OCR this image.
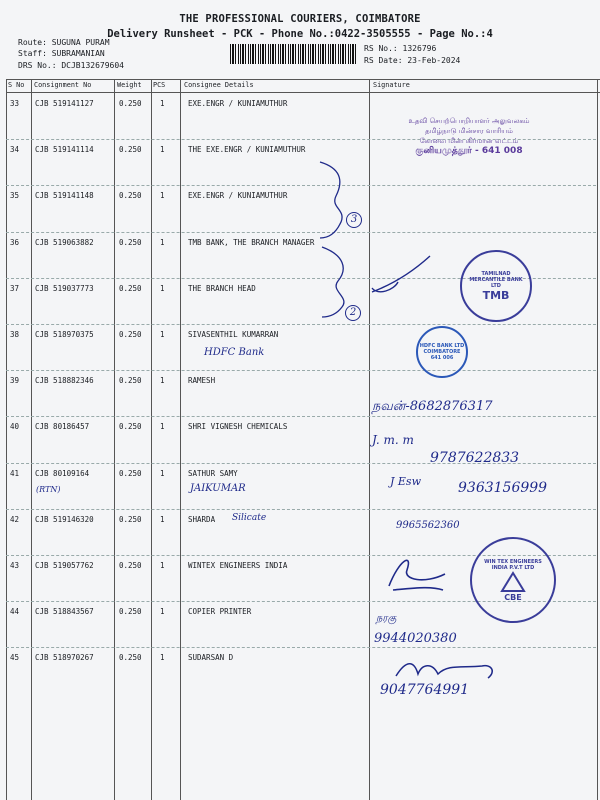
THE PROFESSIONAL COURIERS, COIMBATORE
Delivery Runsheet - PCK - Phone No.:0422-3505555 - Page No.:4
Route: SUGUNA PURAM
Staff: SUBRAMANIAN
DRS No.: DCJB132679604
RS No.: 1326796
RS Date: 23-Feb-2024
S No Consignment No	Weight PCS	Consignee Details	Signature
33 CJB 519141127	0.250 1	EXE.ENGR / KUNIAMUTHUR
34 CJB 519141114	0.250 1	THE EXE.ENGR / KUNIAMUTHUR
35 CJB 519141148	0.250 1	EXE.ENGR / KUNIAMUTHUR
36 CJB 519063882	0.250 1	TMB BANK, THE BRANCH MANAGER
37 CJB 519037773	0.250 1	THE BRANCH HEAD
38 CJB 518970375	0.250 1	SIVASENTHIL KUMARRAN
39 CJB 518882346	0.250 1	RAMESH
40 CJB 80186457	0.250 1	SHRI VIGNESH CHEMICALS
41 CJB 80109164	0.250 1	SATHUR SAMY
42 CJB 519146320	0.250 1	SHARDA
43 CJB 519057762	0.250 1	WINTEX ENGINEERS INDIA
44 CJB 518843567	0.250 1	COPIER PRINTER
45 CJB 518970267	0.250 1	SUDARSAN D
3
2
HDFC Bank
நவன்-8682876317
J. m. m
9787622833
(RTN)	JAIKUMAR
J Esw	9363156999
Silicate
9965562360
நரகு
9944020380
9047764991
உதவி செயற்பொறியாளர் அலுவலகம்
தமிழ்நாடு மின்சார வாரியம்
கோவை மின்பகிர்மான வட்டம்
குனியமுத்தூர் - 641 008
TAMILNAD MERCANTILE BANK LTD
TMB
HDFC BANK LTD
COIMBATORE
641 006
WIN TEX ENGINEERS INDIA P.V.T LTD
CBE
